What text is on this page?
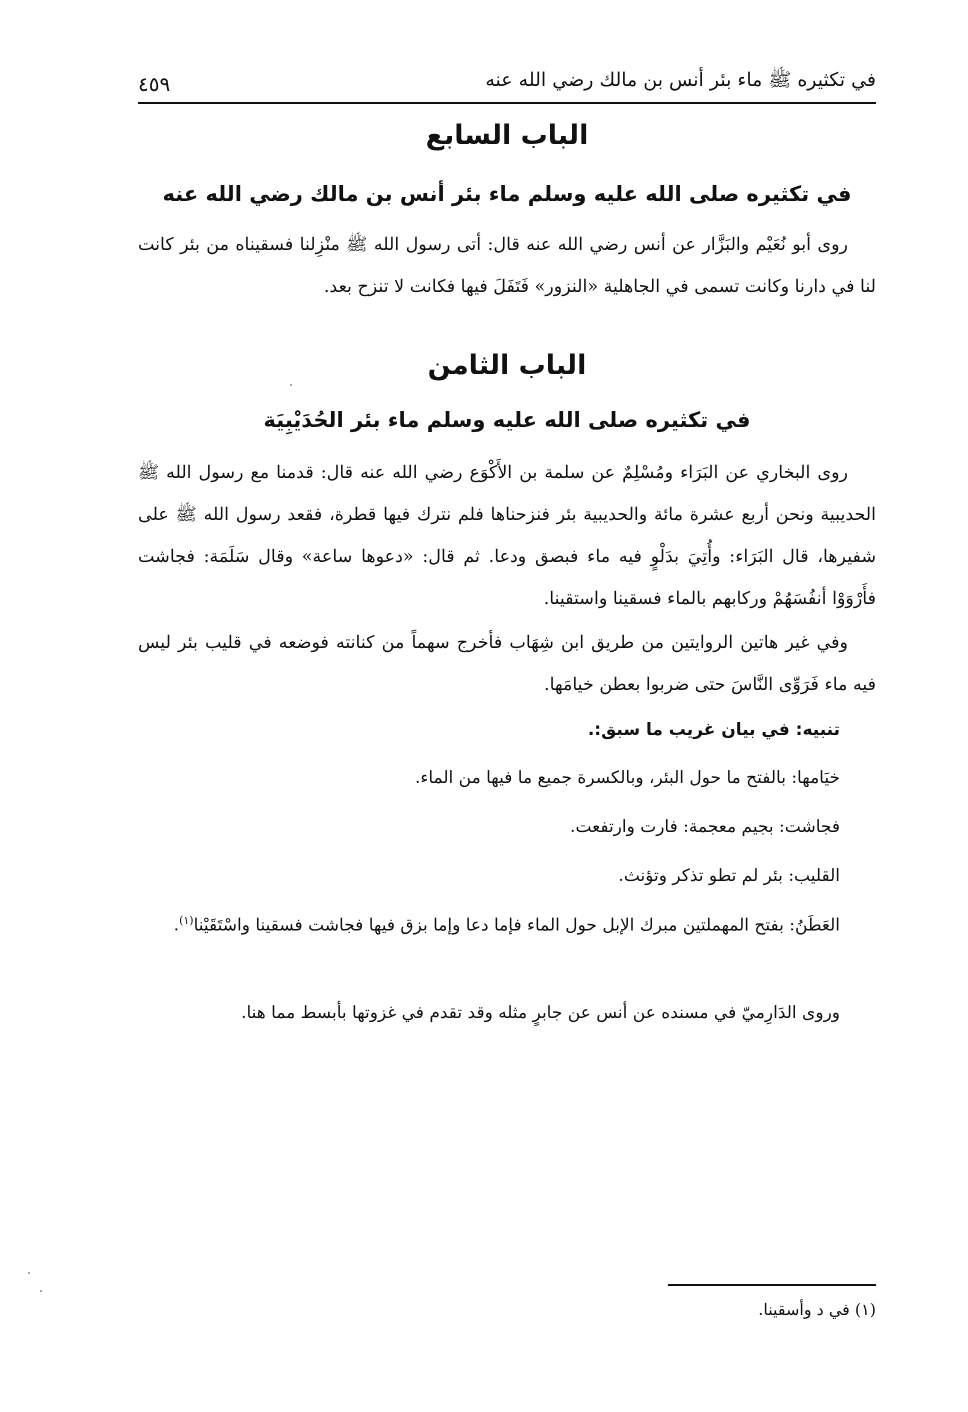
في تكثيره ﷺ ماء بئر أنس بن مالك رضي الله عنه
٤٥٩
الباب السابع
في تكثيره صلى الله عليه وسلم ماء بئر أنس بن مالك رضي الله عنه
روى أبو نُعَيْم والبَزَّار عن أنس رضي الله عنه قال: أتى رسول الله ﷺ منْزِلنا فسقيناه من بئر كانت لنا في دارنا وكانت تسمى في الجاهلية «النزور» فَتَفَلَ فيها فكانت لا تنزح بعد.
الباب الثامن
في تكثيره صلى الله عليه وسلم ماء بئر الحُدَيْبِيَة
روى البخاري عن البَرَاء ومُسْلِمٌ عن سلمة بن الأَكْوَع رضي الله عنه قال: قدمنا مع رسول الله ﷺ الحديبية ونحن أربع عشرة مائة والحديبية بئر فنزحناها فلم نترك فيها قطرة، فقعد رسول الله ﷺ على شفيرها، قال البَرَاء: وأُتِيَ بدَلْوٍ فيه ماء فبصق ودعا. ثم قال: «دعوها ساعة» وقال سَلَمَة: فجاشت فأَرْوَوْا أنفُسَهُمْ وركابهم بالماء فسقينا واستقينا.
وفي غير هاتين الروايتين من طريق ابن شِهَاب فأخرج سهماً من كنانته فوضعه في قليب بئر ليس فيه ماء فَرَوِّى النَّاسَ حتى ضربوا بعطن خيامَها.
تنبيه: في بيان غريب ما سبق:.
خيَامها: بالفتح ما حول البئر، وبالكسرة جميع ما فيها من الماء.
فجاشت: بجيم معجمة: فارت وارتفعت.
القليب: بئر لم تطو تذكر وتؤنث.
العَطَنُ: بفتح المهملتين مبرك الإبل حول الماء فإما دعا وإما بزق فيها فجاشت فسقينا واسْتَقَيْنا$^{(١)}$.
وروى الدَارِميّ في مسنده عن أنس عن جابرٍ مثله وقد تقدم في غزوتها بأبسط مما هنا.
(١) في د وأسقينا.
